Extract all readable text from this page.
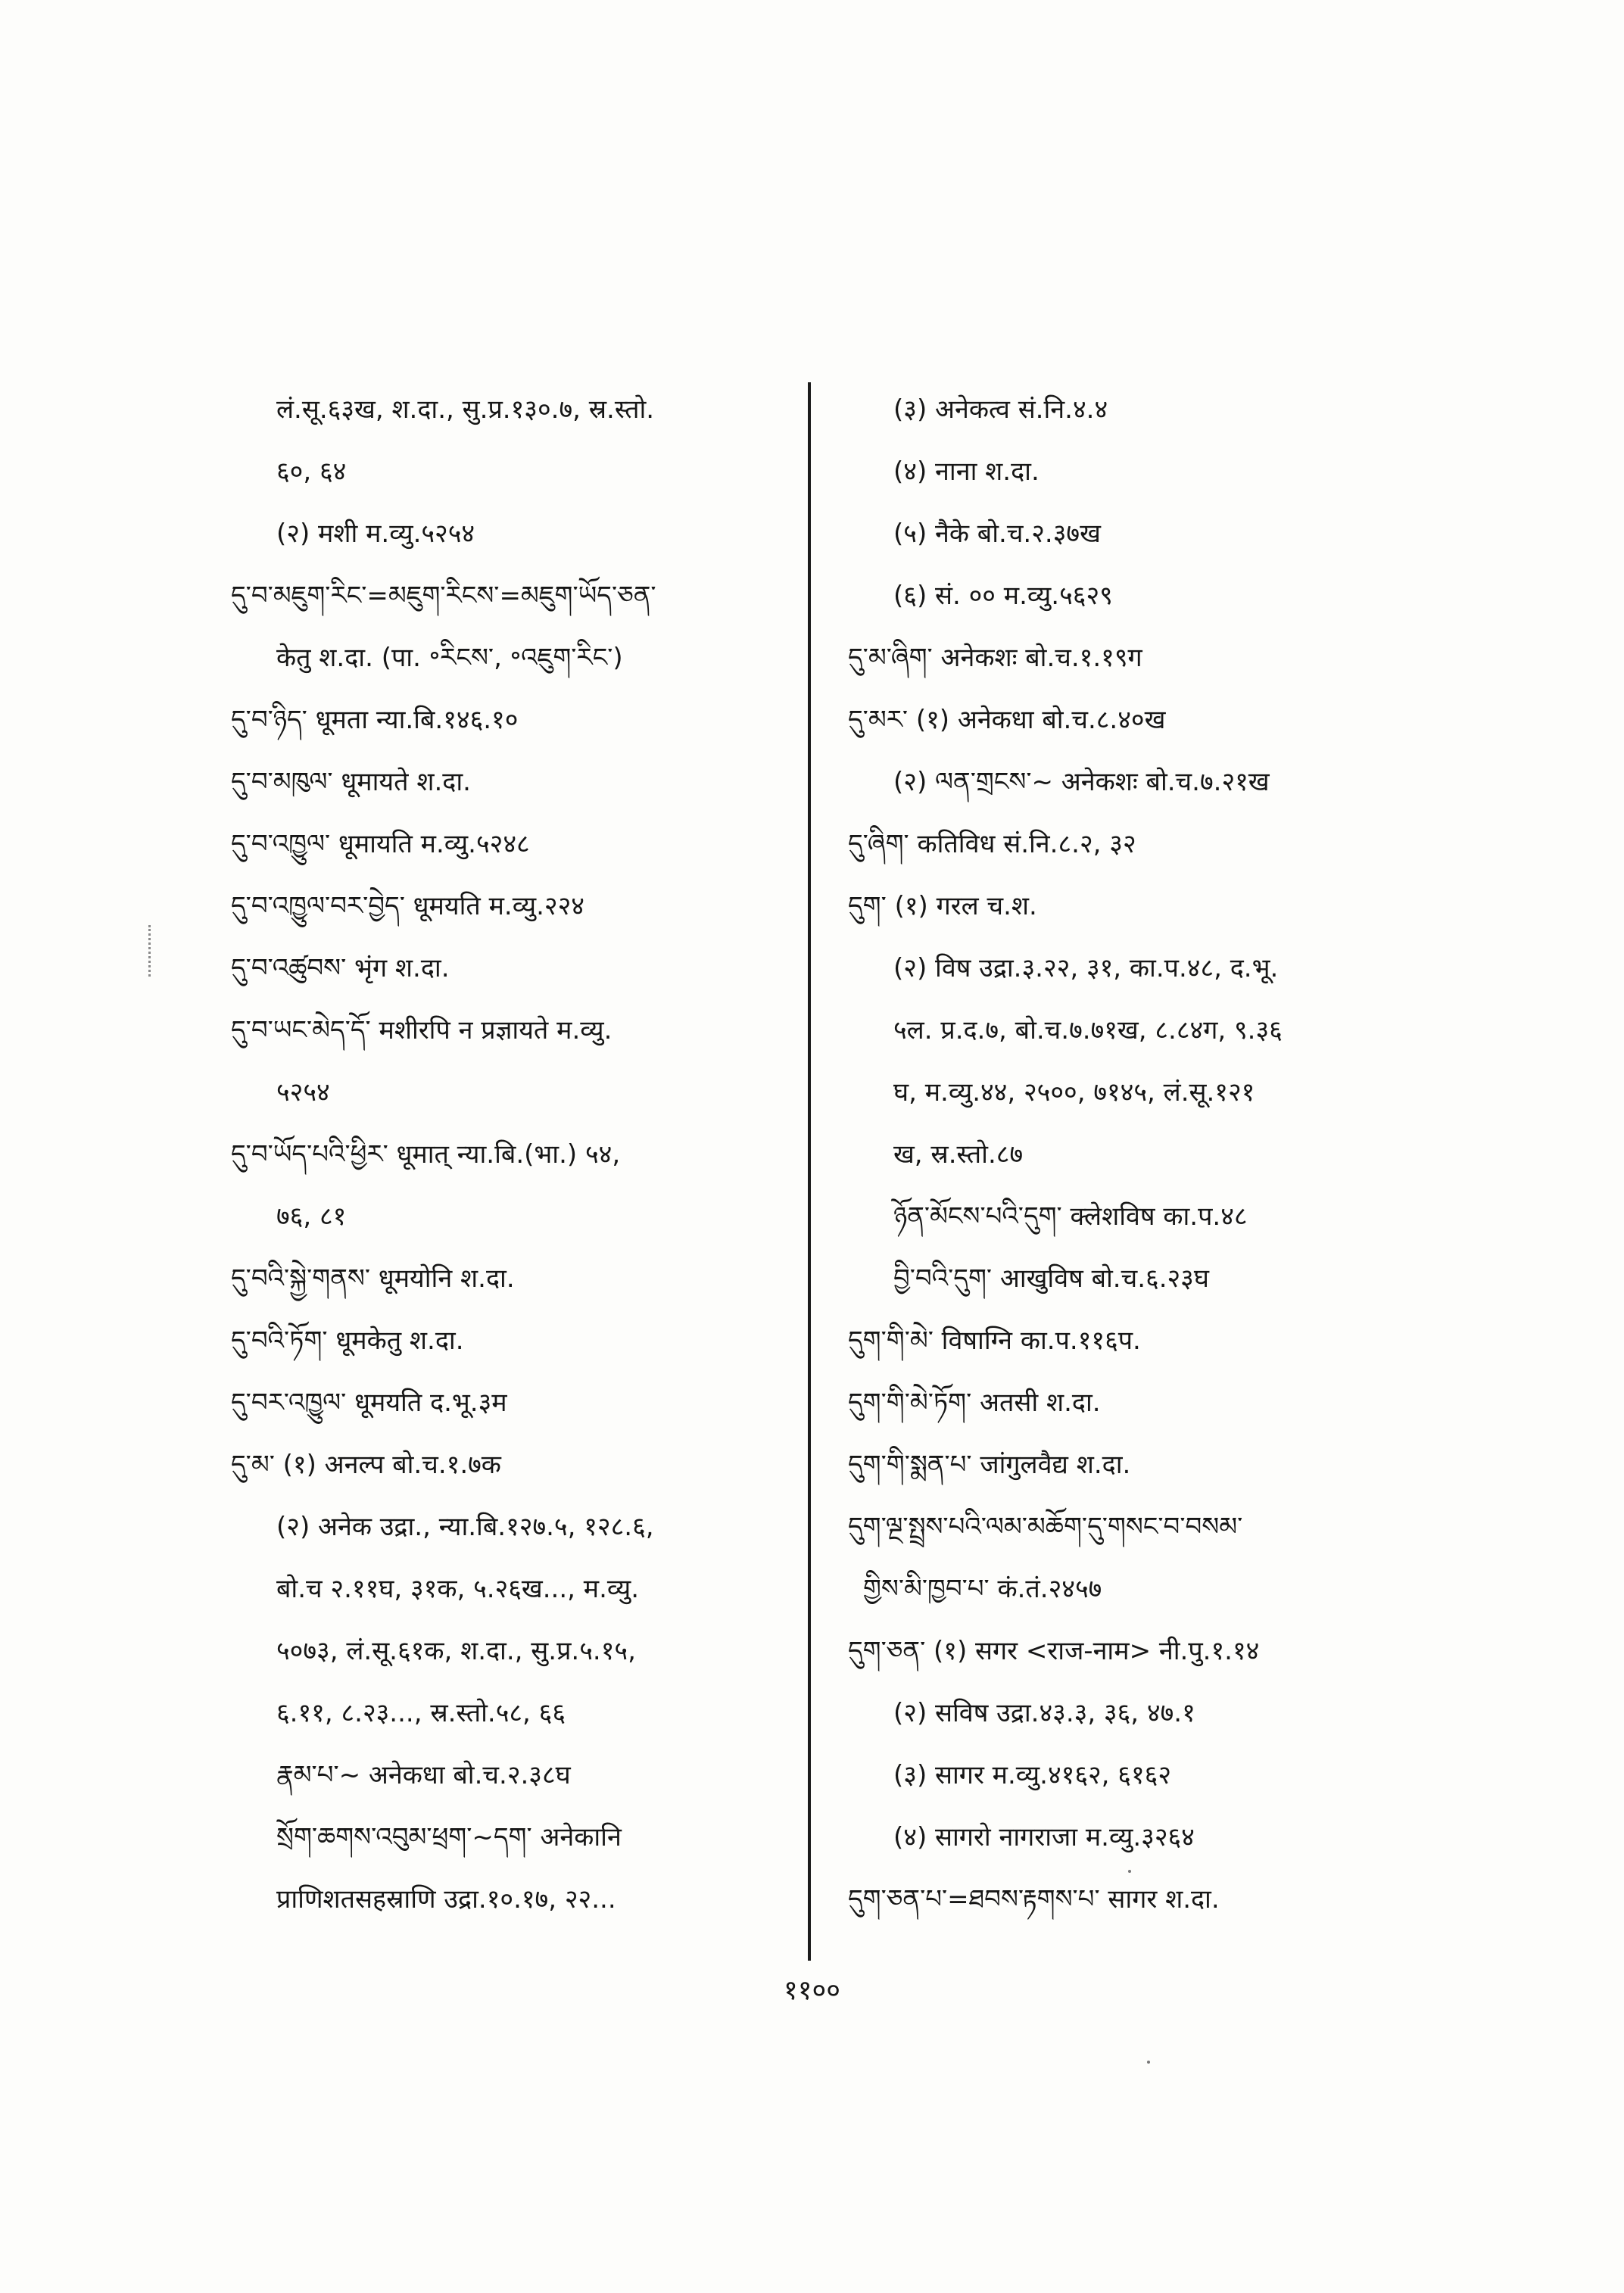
लं.सू.६३ख, श.दा., सु.प्र.१३०.७, स्र.स्तो.
६०, ६४
(२) मशी म.व्यु.५२५४
དུ་བ་མཇུག་རིང་=མཇུག་རིངས་=མཇུག་ཡོད་ཅན་
केतु श.दा. (पा. ॰རིངས་, ॰འཇུག་རིང་)
དུ་བ་ཉིད་ धूमता न्या.बि.१४६.१०
དུ་བ་མཁུལ་ धूमायते श.दा.
དུ་བ་འཁྱུལ་ धूमायति म.व्यु.५२४८
དུ་བ་འཁྱུལ་བར་བྱེད་ धूमयति म.व्यु.२२४
དུ་བ་འཚུབས་ भृंग श.दा.
དུ་བ་ཡང་མེད་དོ་ मशीरपि न प्रज्ञायते म.व्यु.
५२५४
དུ་བ་ཡོད་པའི་ཕྱིར་ धूमात् न्या.बि.(भा.) ५४,
७६, ८१
དུ་བའི་སྐྱེ་གནས་ धूमयोनि श.दा.
དུ་བའི་ཏོག་ धूमकेतु श.दा.
དུ་བར་འཁྱུལ་ धूमयति द.भू.३म
དུ་མ་ (१) अनल्प बो.च.१.७क
(२) अनेक उद्रा., न्या.बि.१२७.५, १२८.६,
बो.च २.११घ, ३१क, ५.२६ख..., म.व्यु.
५०७३, लं.सू.६१क, श.दा., सु.प्र.५.१५,
६.११, ८.२३..., स्र.स्तो.५८, ६६
རྣམ་པ་~ अनेकधा बो.च.२.३८घ
སྲོག་ཆགས་འབུམ་ཕྲག་~དག་ अनेकानि
प्राणिशतसहस्राणि उद्रा.१०.१७, २२...
(३) अनेकत्व सं.नि.४.४
(४) नाना श.दा.
(५) नैके बो.च.२.३७ख
(६) सं. ०० म.व्यु.५६२९
དུ་མ་ཞིག་ अनेकशः बो.च.१.१९ग
དུ་མར་ (१) अनेकधा बो.च.८.४०ख
(२) ལན་གྲངས་~ अनेकशः बो.च.७.२१ख
དུ་ཞིག་ कतिविध सं.नि.८.२, ३२
དུག་ (१) गरल च.श.
(२) विष उद्रा.३.२२, ३१, का.प.४८, द.भू.
५ल. प्र.द.७, बो.च.७.७१ख, ८.८४ग, ९.३६
घ, म.व्यु.४४, २५००, ७१४५, लं.सू.१२१
ख, स्र.स्तो.८७
ཉོན་མོངས་པའི་དུག་ क्लेशविष का.प.४८
བྱི་བའི་དུག་ आखुविष बो.च.६.२३घ
དུག་གི་མེ་ विषाग्नि का.प.११६प.
དུག་གི་མེ་ཏོག་ अतसी श.दा.
དུག་གི་སྨན་པ་ जांगुलवैद्य श.दा.
དུག་ལྔ་སྤྲས་པའི་ལམ་མཆོག་དུ་གསང་བ་བསམ་
གྱིས་མི་ཁྱབ་པ་ कं.तं.२४५७
དུག་ཅན་ (१) सगर <राज-नाम> नी.पु.१.१४
(२) सविष उद्रा.४३.३, ३६, ४७.१
(३) सागर म.व्यु.४१६२, ६१६२
(४) सागरो नागराजा म.व्यु.३२६४
དུག་ཅན་པ་=ཐབས་རྟགས་པ་ सागर श.दा.
११००
